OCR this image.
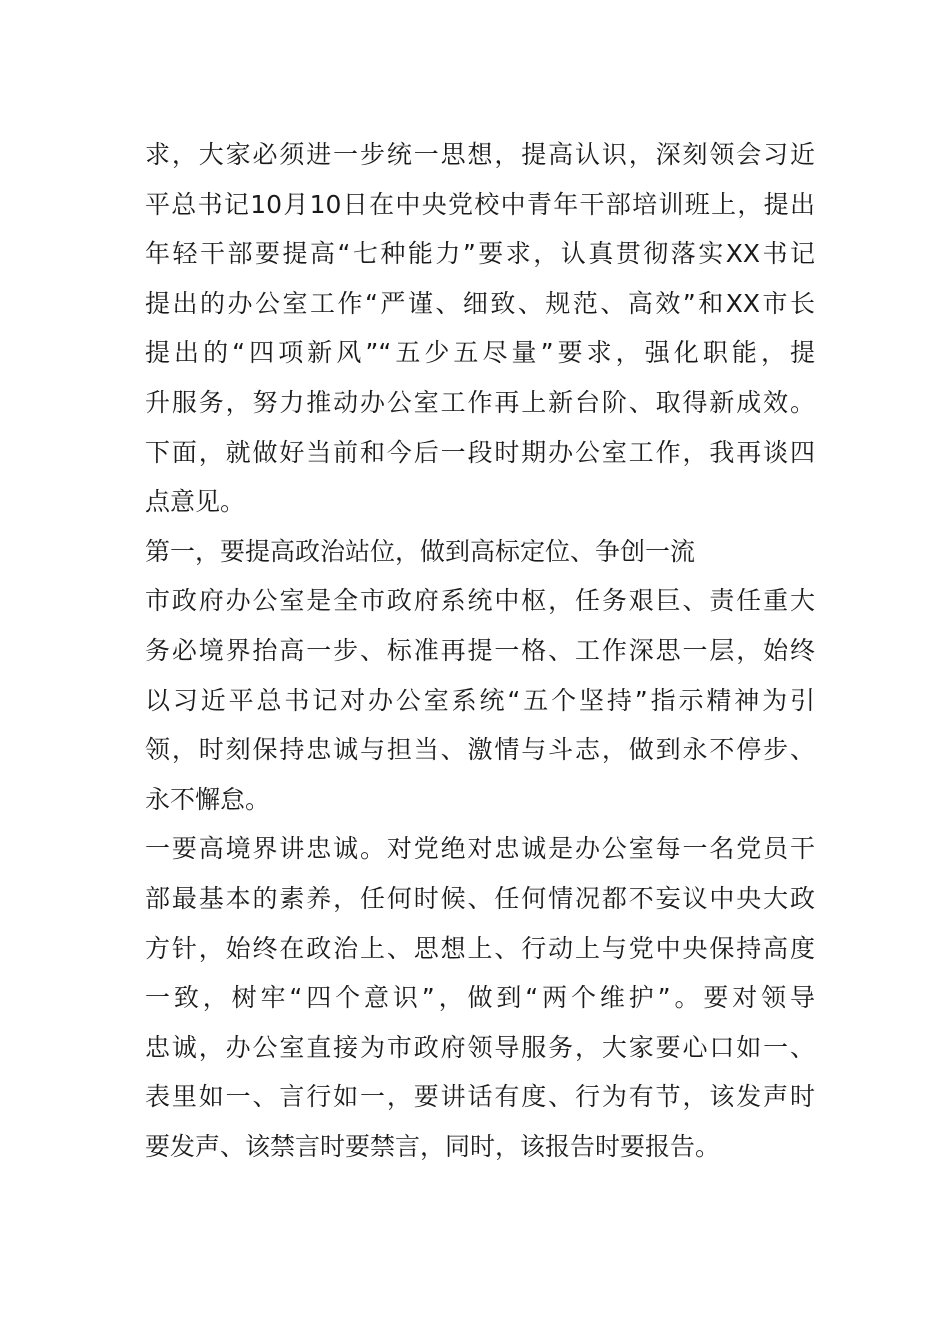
求，大家必须进一步统一思想，提高认识，深刻领会习近
平总书记10月10日在中央党校中青年干部培训班上，提出
年轻干部要提高“七种能力”要求，认真贯彻落实XX书记
提出的办公室工作“严谨、细致、规范、高效”和XX市长
提出的“四项新风”“五少五尽量”要求，强化职能，提
升服务，努力推动办公室工作再上新台阶、取得新成效。
下面，就做好当前和今后一段时期办公室工作，我再谈四
点意见。
第一，要提高政治站位，做到高标定位、争创一流
市政府办公室是全市政府系统中枢，任务艰巨、责任重大
务必境界抬高一步、标准再提一格、工作深思一层，始终
以习近平总书记对办公室系统“五个坚持”指示精神为引
领，时刻保持忠诚与担当、激情与斗志，做到永不停步、
永不懈怠。
一要高境界讲忠诚。对党绝对忠诚是办公室每一名党员干
部最基本的素养，任何时候、任何情况都不妄议中央大政
方针，始终在政治上、思想上、行动上与党中央保持高度
一致，树牢“四个意识”，做到“两个维护”。要对领导
忠诚，办公室直接为市政府领导服务，大家要心口如一、
表里如一、言行如一，要讲话有度、行为有节，该发声时
要发声、该禁言时要禁言，同时，该报告时要报告。
